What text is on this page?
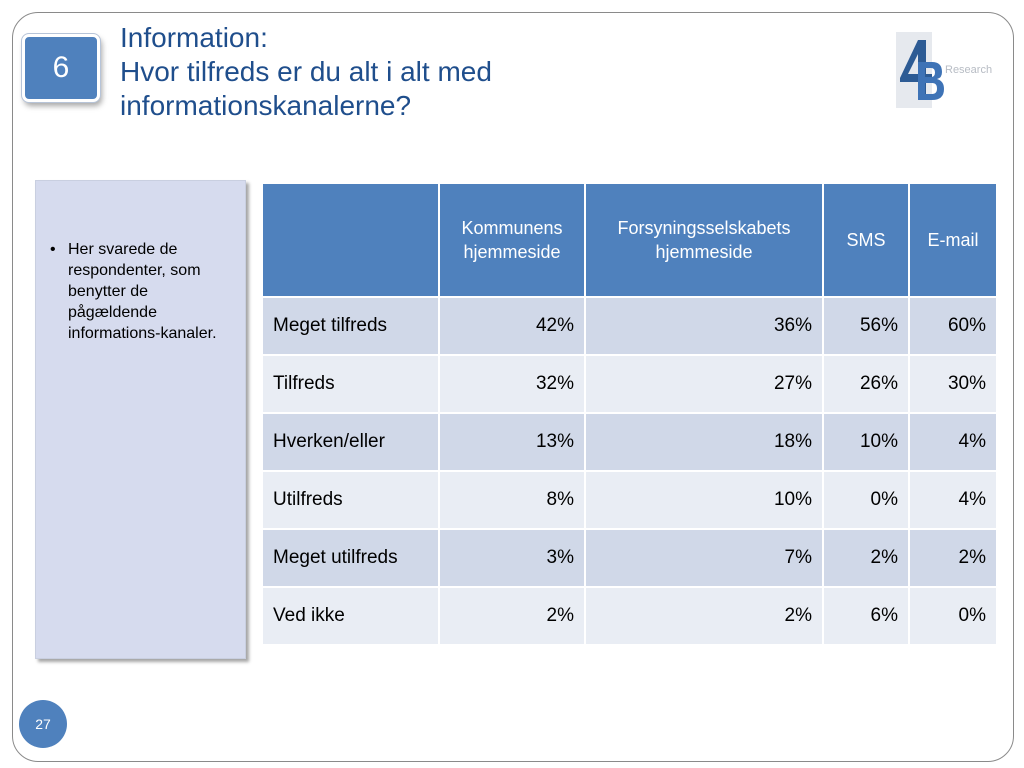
6
Information:
Hvor tilfreds er du alt i alt med
informationskanalerne?
Research
• Her svarede de respondenter, som benytter de pågældende informations-kanaler.
	Kommunens hjemmeside	Forsyningsselskabets hjemmeside	SMS	E-mail
Meget tilfreds	42%	36%	56%	60%
Tilfreds	32%	27%	26%	30%
Hverken/eller	13%	18%	10%	4%
Utilfreds	8%	10%	0%	4%
Meget utilfreds	3%	7%	2%	2%
Ved ikke	2%	2%	6%	0%
27
